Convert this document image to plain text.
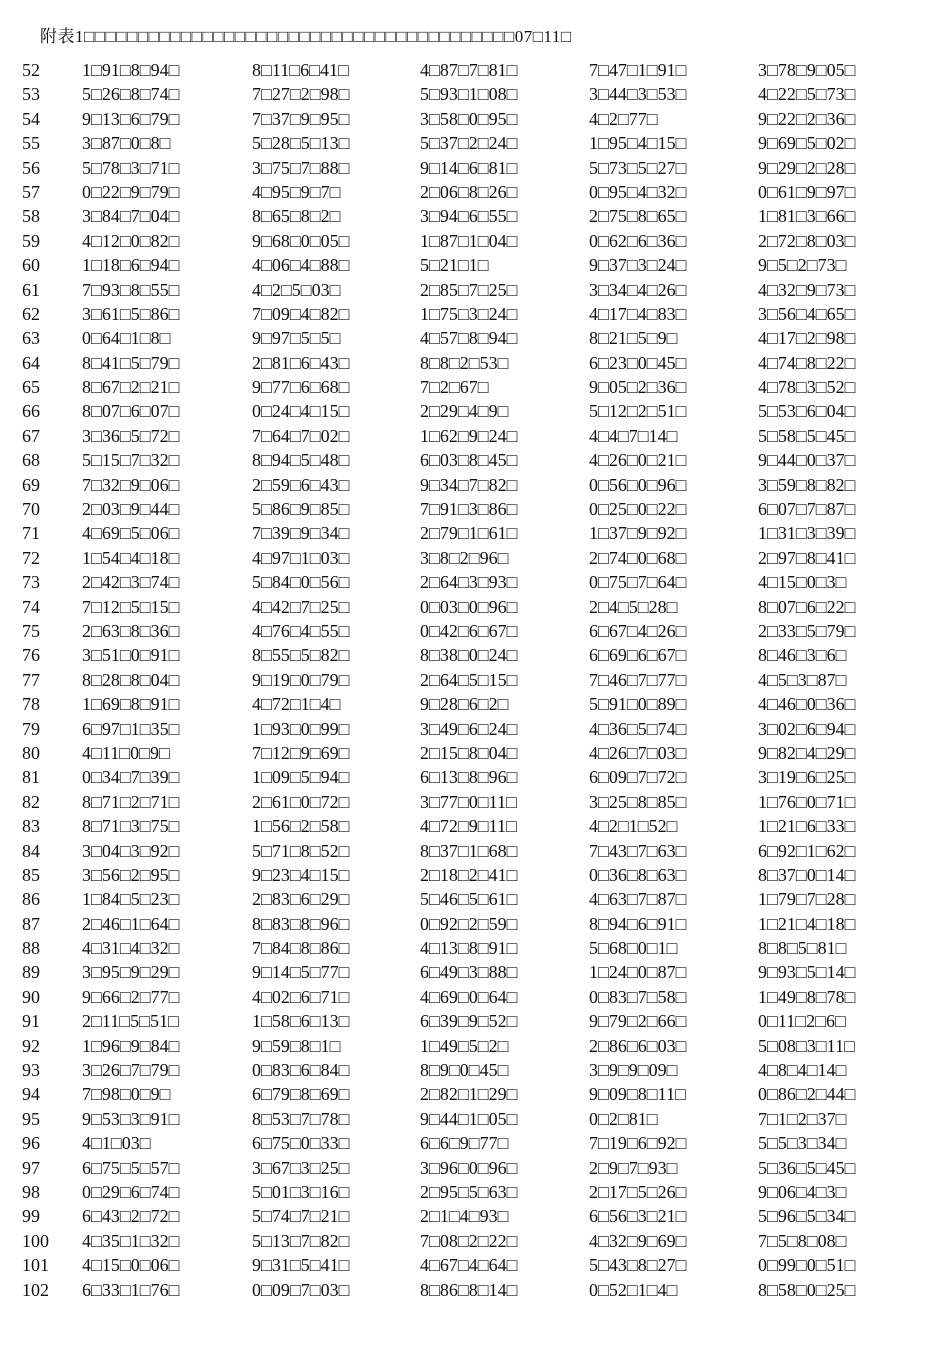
附表1□□□□□□□□□□□□□□□□□□□□□□□□□□□□□□□□□□□□□□□□07□11□
52 1□91□8□94□	8□11□6□41□	4□87□7□81□	7□47□1□91□	3□78□9□05□
53 5□26□8□74□	7□27□2□98□	5□93□1□08□	3□44□3□53□	4□22□5□73□
54 9□13□6□79□	7□37□9□95□	3□58□0□95□	4□2□77□	9□22□2□36□
55 3□87□0□8□	5□28□5□13□	5□37□2□24□	1□95□4□15□	9□69□5□02□
56 5□78□3□71□	3□75□7□88□	9□14□6□81□	5□73□5□27□	9□29□2□28□
57 0□22□9□79□	4□95□9□7□	2□06□8□26□	0□95□4□32□	0□61□9□97□
58 3□84□7□04□	8□65□8□2□	3□94□6□55□	2□75□8□65□	1□81□3□66□
59 4□12□0□82□	9□68□0□05□	1□87□1□04□	0□62□6□36□	2□72□8□03□
60 1□18□6□94□	4□06□4□88□	5□21□1□	9□37□3□24□	9□5□2□73□
61 7□93□8□55□	4□2□5□03□	2□85□7□25□	3□34□4□26□	4□32□9□73□
62 3□61□5□86□	7□09□4□82□	1□75□3□24□	4□17□4□83□	3□56□4□65□
63 0□64□1□8□	9□97□5□5□	4□57□8□94□	8□21□5□9□	4□17□2□98□
64 8□41□5□79□	2□81□6□43□	8□8□2□53□	6□23□0□45□	4□74□8□22□
65 8□67□2□21□	9□77□6□68□	7□2□67□	9□05□2□36□	4□78□3□52□
66 8□07□6□07□	0□24□4□15□	2□29□4□9□	5□12□2□51□	5□53□6□04□
67 3□36□5□72□	7□64□7□02□	1□62□9□24□	4□4□7□14□	5□58□5□45□
68 5□15□7□32□	8□94□5□48□	6□03□8□45□	4□26□0□21□	9□44□0□37□
69 7□32□9□06□	2□59□6□43□	9□34□7□82□	0□56□0□96□	3□59□8□82□
70 2□03□9□44□	5□86□9□85□	7□91□3□86□	0□25□0□22□	6□07□7□87□
71 4□69□5□06□	7□39□9□34□	2□79□1□61□	1□37□9□92□	1□31□3□39□
72 1□54□4□18□	4□97□1□03□	3□8□2□96□	2□74□0□68□	2□97□8□41□
73 2□42□3□74□	5□84□0□56□	2□64□3□93□	0□75□7□64□	4□15□0□3□
74 7□12□5□15□	4□42□7□25□	0□03□0□96□	2□4□5□28□	8□07□6□22□
75 2□63□8□36□	4□76□4□55□	0□42□6□67□	6□67□4□26□	2□33□5□79□
76 3□51□0□91□	8□55□5□82□	8□38□0□24□	6□69□6□67□	8□46□3□6□
77 8□28□8□04□	9□19□0□79□	2□64□5□15□	7□46□7□77□	4□5□3□87□
78 1□69□8□91□	4□72□1□4□	9□28□6□2□	5□91□0□89□	4□46□0□36□
79 6□97□1□35□	1□93□0□99□	3□49□6□24□	4□36□5□74□	3□02□6□94□
80 4□11□0□9□	7□12□9□69□	2□15□8□04□	4□26□7□03□	9□82□4□29□
81 0□34□7□39□	1□09□5□94□	6□13□8□96□	6□09□7□72□	3□19□6□25□
82 8□71□2□71□	2□61□0□72□	3□77□0□11□	3□25□8□85□	1□76□0□71□
83 8□71□3□75□	1□56□2□58□	4□72□9□11□	4□2□1□52□	1□21□6□33□
84 3□04□3□92□	5□71□8□52□	8□37□1□68□	7□43□7□63□	6□92□1□62□
85 3□56□2□95□	9□23□4□15□	2□18□2□41□	0□36□8□63□	8□37□0□14□
86 1□84□5□23□	2□83□6□29□	5□46□5□61□	4□63□7□87□	1□79□7□28□
87 2□46□1□64□	8□83□8□96□	0□92□2□59□	8□94□6□91□	1□21□4□18□
88 4□31□4□32□	7□84□8□86□	4□13□8□91□	5□68□0□1□	8□8□5□81□
89 3□95□9□29□	9□14□5□77□	6□49□3□88□	1□24□0□87□	9□93□5□14□
90 9□66□2□77□	4□02□6□71□	4□69□0□64□	0□83□7□58□	1□49□8□78□
91 2□11□5□51□	1□58□6□13□	6□39□9□52□	9□79□2□66□	0□11□2□6□
92 1□96□9□84□	9□59□8□1□	1□49□5□2□	2□86□6□03□	5□08□3□11□
93 3□26□7□79□	0□83□6□84□	8□9□0□45□	3□9□9□09□	4□8□4□14□
94 7□98□0□9□	6□79□8□69□	2□82□1□29□	9□09□8□11□	0□86□2□44□
95 9□53□3□91□	8□53□7□78□	9□44□1□05□	0□2□81□	7□1□2□37□
96 4□1□03□	6□75□0□33□	6□6□9□77□	7□19□6□92□	5□5□3□34□
97 6□75□5□57□	3□67□3□25□	3□96□0□96□	2□9□7□93□	5□36□5□45□
98 0□29□6□74□	5□01□3□16□	2□95□5□63□	2□17□5□26□	9□06□4□3□
99 6□43□2□72□	5□74□7□21□	2□1□4□93□	6□56□3□21□	5□96□5□34□
100 4□35□1□32□	5□13□7□82□	7□08□2□22□	4□32□9□69□	7□5□8□08□
101 4□15□0□06□	9□31□5□41□	4□67□4□64□	5□43□8□27□	0□99□0□51□
102 6□33□1□76□	0□09□7□03□	8□86□8□14□	0□52□1□4□	8□58□0□25□
